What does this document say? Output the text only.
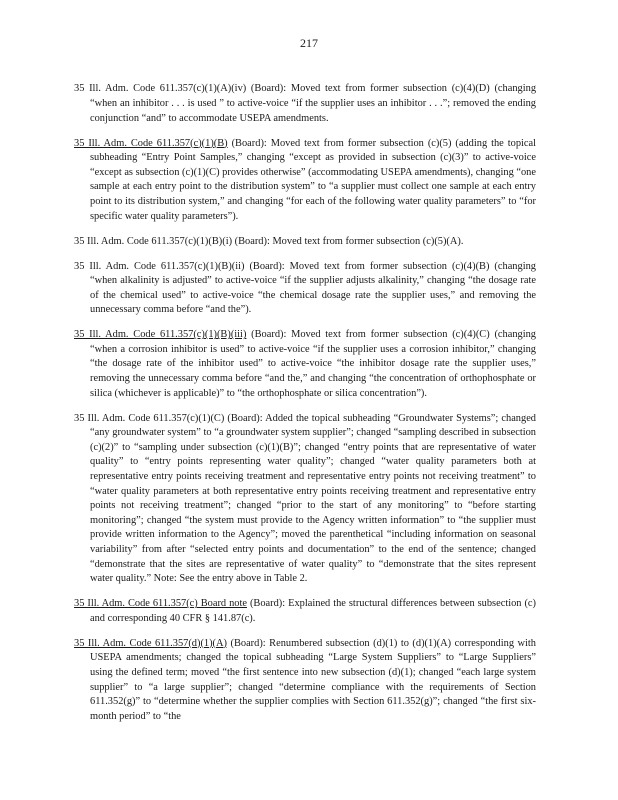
217

35 Ill. Adm. Code 611.357(c)(1)(A)(iv) (Board): Moved text from former subsection (c)(4)(D) (changing “when an inhibitor . . . is used ” to active-voice “if the supplier uses an inhibitor . . .”; removed the ending conjunction “and” to accommodate USEPA amendments.

35 Ill. Adm. Code 611.357(c)(1)(B) (Board): Moved text from former subsection (c)(5) (adding the topical subheading “Entry Point Samples,” changing “except as provided in subsection (c)(3)” to active-voice “except as subsection (c)(1)(C) provides otherwise” (accommodating USEPA amendments), changing “one sample at each entry point to the distribution system” to “a supplier must collect one sample at each entry point to its distribution system,” and changing “for each of the following water quality parameters” to “for specific water quality parameters”).

35 Ill. Adm. Code 611.357(c)(1)(B)(i) (Board): Moved text from former subsection (c)(5)(A).

35 Ill. Adm. Code 611.357(c)(1)(B)(ii) (Board): Moved text from former subsection (c)(4)(B) (changing “when alkalinity is adjusted” to active-voice “if the supplier adjusts alkalinity,” changing “the dosage rate of the chemical used” to active-voice “the chemical dosage rate the supplier uses,” and removing the unnecessary comma before “and the”).

35 Ill. Adm. Code 611.357(c)(1)(B)(iii) (Board): Moved text from former subsection (c)(4)(C) (changing “when a corrosion inhibitor is used” to active-voice “if the supplier uses a corrosion inhibitor,” changing “the dosage rate of the inhibitor used” to active-voice “the inhibitor dosage rate the supplier uses,” removing the unnecessary comma before “and the,” and changing “the concentration of orthophosphate or silica (whichever is applicable)” to “the orthophosphate or silica concentration”).

35 Ill. Adm. Code 611.357(c)(1)(C) (Board): Added the topical subheading “Groundwater Systems”; changed “any groundwater system” to “a groundwater system supplier”; changed “sampling described in subsection (c)(2)” to “sampling under subsection (c)(1)(B)”; changed “entry points that are representative of water quality” to “entry points representing water quality”; changed “water quality parameters both at representative entry points receiving treatment and representative entry points not receiving treatment” to “water quality parameters at both representative entry points receiving treatment and representative entry points not receiving treatment”; changed “prior to the start of any monitoring” to “before starting monitoring”; changed “the system must provide to the Agency written information” to “the supplier must provide written information to the Agency”; moved the parenthetical “including information on seasonal variability” from after “selected entry points and documentation” to the end of the sentence; changed “demonstrate that the sites are representative of water quality” to “demonstrate that the sites represent water quality.” Note: See the entry above in Table 2.

35 Ill. Adm. Code 611.357(c) Board note (Board): Explained the structural differences between subsection (c) and corresponding 40 CFR § 141.87(c).

35 Ill. Adm. Code 611.357(d)(1)(A) (Board): Renumbered subsection (d)(1) to (d)(1)(A) corresponding with USEPA amendments; changed the topical subheading “Large System Suppliers” to “Large Suppliers” using the defined term; moved “the first sentence into new subsection (d)(1); changed “each large system supplier” to “a large supplier”; changed “determine compliance with the requirements of Section 611.352(g)” to “determine whether the supplier complies with Section 611.352(g)”; changed “the first six-month period” to “the
